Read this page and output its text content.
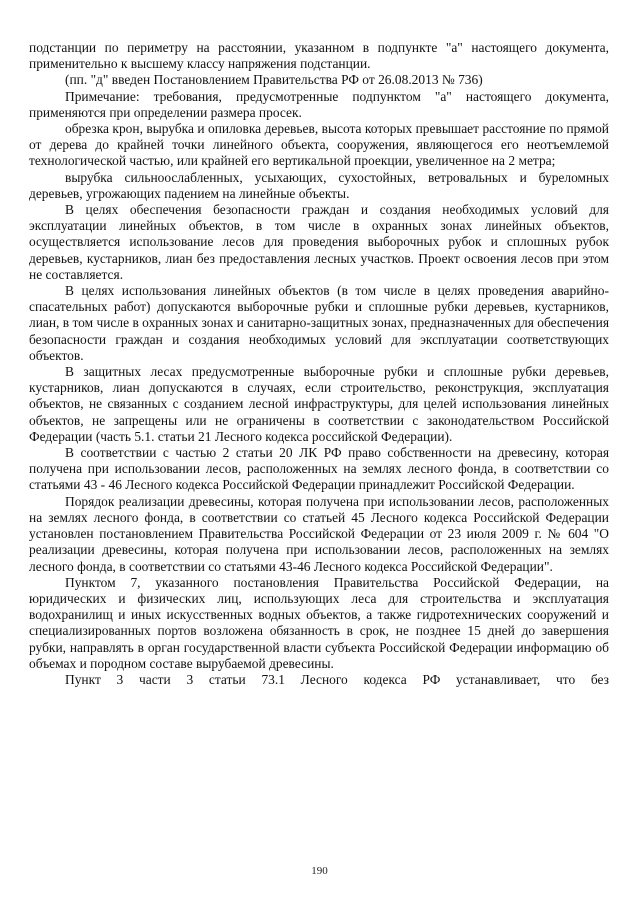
подстанции по периметру на расстоянии, указанном в подпункте "а" настоящего документа, применительно к высшему классу напряжения подстанции.

(пп. "д" введен Постановлением Правительства РФ от 26.08.2013 № 736)

Примечание: требования, предусмотренные подпунктом "а" настоящего документа, применяются при определении размера просек.

обрезка крон, вырубка и опиловка деревьев, высота которых превышает расстояние по прямой от дерева до крайней точки линейного объекта, сооружения, являющегося его неотъемлемой технологической частью, или крайней его вертикальной проекции, увеличенное на 2 метра;

вырубка сильноослабленных, усыхающих, сухостойных, ветровальных и буреломных деревьев, угрожающих падением на линейные объекты.

В целях обеспечения безопасности граждан и создания необходимых условий для эксплуатации линейных объектов, в том числе в охранных зонах линейных объектов, осуществляется использование лесов для проведения выборочных рубок и сплошных рубок деревьев, кустарников, лиан без предоставления лесных участков. Проект освоения лесов при этом не составляется.

В целях использования линейных объектов (в том числе в целях проведения аварийно-спасательных работ) допускаются выборочные рубки и сплошные рубки деревьев, кустарников, лиан, в том числе в охранных зонах и санитарно-защитных зонах, предназначенных для обеспечения безопасности граждан и создания необходимых условий для эксплуатации соответствующих объектов.

В защитных лесах предусмотренные выборочные рубки и сплошные рубки деревьев, кустарников, лиан допускаются в случаях, если строительство, реконструкция, эксплуатация объектов, не связанных с созданием лесной инфраструктуры, для целей использования линейных объектов, не запрещены или не ограничены в соответствии с законодательством Российской Федерации (часть 5.1. статьи 21 Лесного кодекса российской Федерации).

В соответствии с частью 2 статьи 20 ЛК РФ право собственности на древесину, которая получена при использовании лесов, расположенных на землях лесного фонда, в соответствии со статьями 43 - 46 Лесного кодекса Российской Федерации принадлежит Российской Федерации.

Порядок реализации древесины, которая получена при использовании лесов, расположенных на землях лесного фонда, в соответствии со статьей 45 Лесного кодекса Российской Федерации установлен постановлением Правительства Российской Федерации от 23 июля 2009 г. № 604 "О реализации древесины, которая получена при использовании лесов, расположенных на землях лесного фонда, в соответствии со статьями 43-46 Лесного кодекса Российской Федерации".

Пунктом 7, указанного постановления Правительства Российской Федерации, на юридических и физических лиц, использующих леса для строительства и эксплуатация водохранилищ и иных искусственных водных объектов, а также гидротехнических сооружений и специализированных портов возложена обязанность в срок, не позднее 15 дней до завершения рубки, направлять в орган государственной власти субъекта Российской Федерации информацию об объемах и породном составе вырубаемой древесины.

Пункт 3 части 3 статьи 73.1 Лесного кодекса РФ устанавливает, что без

190
